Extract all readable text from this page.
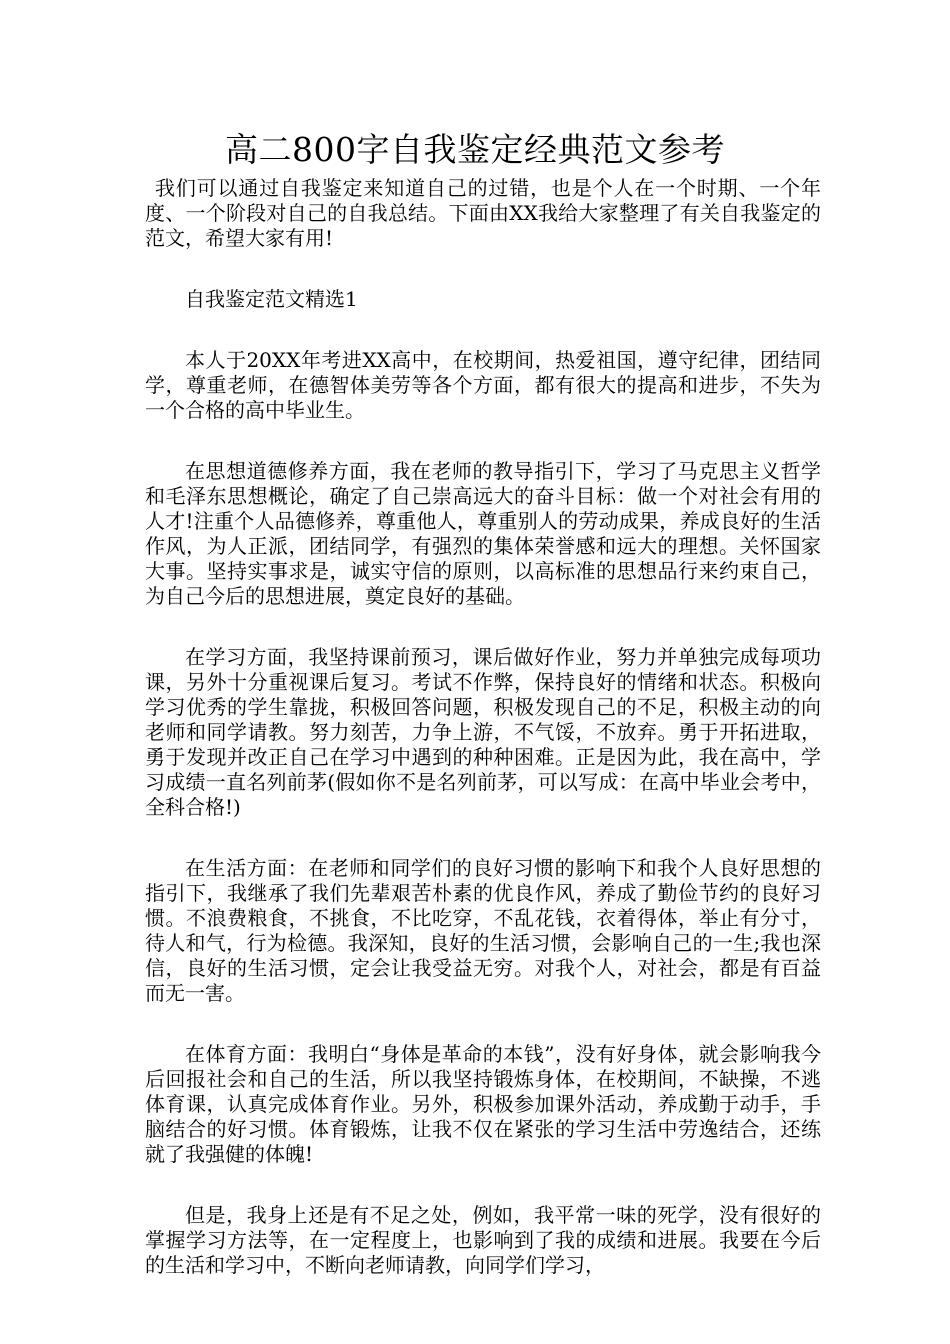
高二800字自我鉴定经典范文参考

我们可以通过自我鉴定来知道自己的过错，也是个人在一个时期、一个年度、一个阶段对自己的自我总结。下面由XX我给大家整理了有关自我鉴定的范文，希望大家有用!

自我鉴定范文精选1

本人于20XX年考进XX高中，在校期间，热爱祖国，遵守纪律，团结同学，尊重老师，在德智体美劳等各个方面，都有很大的提高和进步，不失为一个合格的高中毕业生。

在思想道德修养方面，我在老师的教导指引下，学习了马克思主义哲学和毛泽东思想概论，确定了自己崇高远大的奋斗目标：做一个对社会有用的人才!注重个人品德修养，尊重他人，尊重别人的劳动成果，养成良好的生活作风，为人正派，团结同学，有强烈的集体荣誉感和远大的理想。关怀国家大事。坚持实事求是，诚实守信的原则，以高标准的思想品行来约束自己，为自己今后的思想进展，奠定良好的基础。

在学习方面，我坚持课前预习，课后做好作业，努力并单独完成每项功课，另外十分重视课后复习。考试不作弊，保持良好的情绪和状态。积极向学习优秀的学生靠拢，积极回答问题，积极发现自己的不足，积极主动的向老师和同学请教。努力刻苦，力争上游，不气馁，不放弃。勇于开拓进取，勇于发现并改正自己在学习中遇到的种种困难。正是因为此，我在高中，学习成绩一直名列前茅(假如你不是名列前茅，可以写成：在高中毕业会考中，全科合格!)

在生活方面：在老师和同学们的良好习惯的影响下和我个人良好思想的指引下，我继承了我们先辈艰苦朴素的优良作风，养成了勤俭节约的良好习惯。不浪费粮食，不挑食，不比吃穿，不乱花钱，衣着得体，举止有分寸，待人和气，行为检德。我深知，良好的生活习惯，会影响自己的一生;我也深信，良好的生活习惯，定会让我受益无穷。对我个人，对社会，都是有百益而无一害。

在体育方面：我明白“身体是革命的本钱”，没有好身体，就会影响我今后回报社会和自己的生活，所以我坚持锻炼身体，在校期间，不缺操，不逃体育课，认真完成体育作业。另外，积极参加课外活动，养成勤于动手，手脑结合的好习惯。体育锻炼，让我不仅在紧张的学习生活中劳逸结合，还练就了我强健的体魄!

但是，我身上还是有不足之处，例如，我平常一味的死学，没有很好的掌握学习方法等，在一定程度上，也影响到了我的成绩和进展。我要在今后的生活和学习中，不断向老师请教，向同学们学习，
